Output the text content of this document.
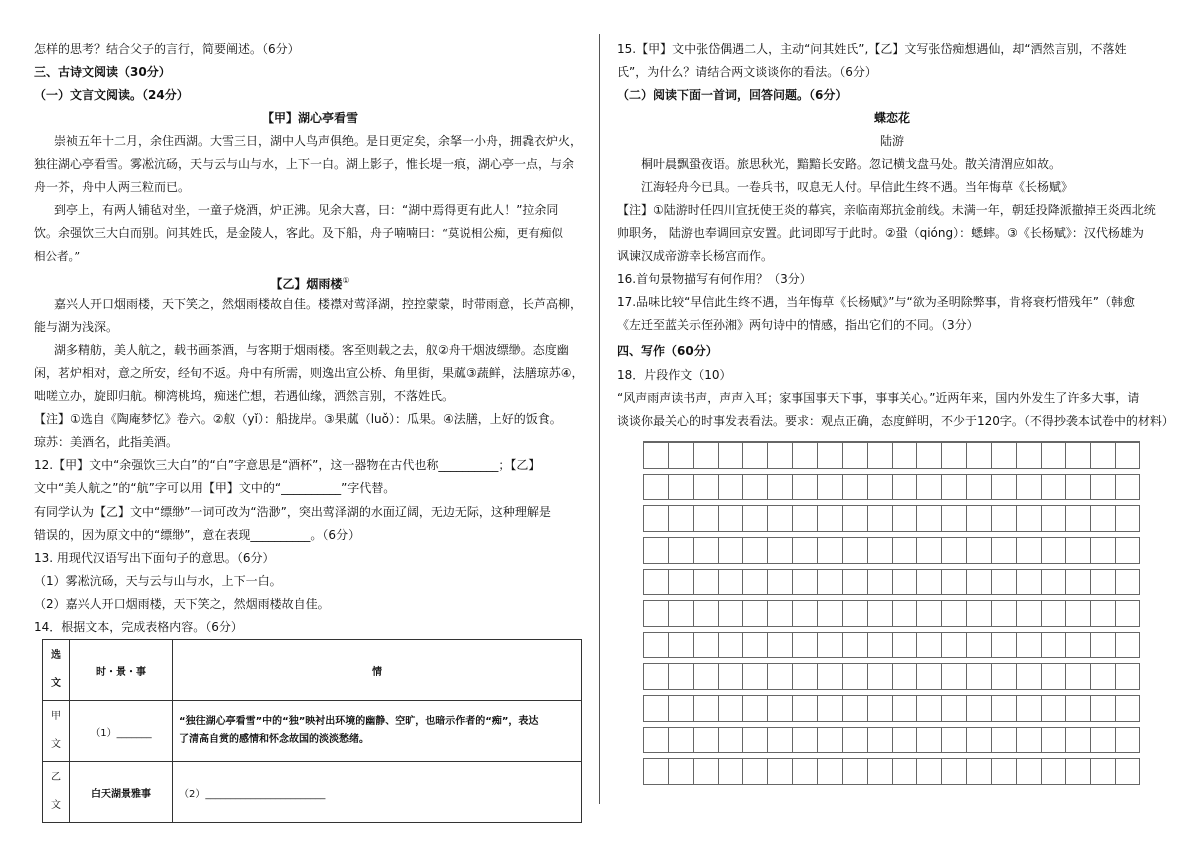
怎样的思考？结合父子的言行，简要阐述。（6分）
三、古诗文阅读（30分）
（一）文言文阅读。（24分）
【甲】湖心亭看雪
崇祯五年十二月，余住西湖。大雪三日，湖中人鸟声俱绝。是日更定矣，余拏一小舟，拥毳衣炉火，
独往湖心亭看雪。雾凇沆砀，天与云与山与水，上下一白。湖上影子，惟长堤一痕，湖心亭一点，与余
舟一芥，舟中人两三粒而已。
到亭上，有两人铺毡对坐，一童子烧酒，炉正沸。见余大喜，曰：“湖中焉得更有此人！”拉余同
饮。余强饮三大白而别。问其姓氏，是金陵人，客此。及下船，舟子喃喃曰：“莫说相公痴，更有痴似
相公者。”
【乙】烟雨楼①
嘉兴人开口烟雨楼，天下笑之，然烟雨楼故自佳。楼襟对莺泽湖，控控蒙蒙，时带雨意，长芦高柳，
能与湖为浅深。
湖多精舫，美人航之，载书画茶酒，与客期于烟雨楼。客至则载之去，舣②舟干烟波缥缈。态度幽
闲，茗炉相对，意之所安，经旬不返。舟中有所需，则逸出宣公桥、角里街，果蓏③蔬鲜，法膳琼苏④，
咄嗟立办，旋即归航。柳湾桃坞，痴迷伫想，若遇仙缘，洒然言别，不落姓氏。
【注】①选自《陶庵梦忆》卷六。②舣（yǐ）：船拢岸。③果蓏（luǒ）：瓜果。④法膳，上好的饭食。
琼苏：美酒名，此指美酒。
12.【甲】文中“余强饮三大白”的“白”字意思是“酒杯”，这一器物在古代也称__________；【乙】
文中“美人航之”的“航”字可以用【甲】文中的“__________”字代替。
有同学认为【乙】文中“缥缈”一词可改为“浩渺”，突出莺泽湖的水面辽阔，无边无际，这种理解是
错误的，因为原文中的“缥缈”，意在表现__________。（6分）
13. 用现代汉语写出下面句子的意思。（6分）
（1）雾凇沆砀，天与云与山与水，上下一白。
（2）嘉兴人开口烟雨楼，天下笑之，然烟雨楼故自佳。
14．根据文本，完成表格内容。（6分）
选文	时・景・事	情
甲文	（1）_______	“独往湖心亭看雪”中的“独”映衬出环境的幽静、空旷，也暗示作者的“痴”，表达
了清高自赏的感情和怀念故国的淡淡愁绪。

乙文	白天湖景雅事	（2）________________________
15.【甲】文中张岱偶遇二人，主动“问其姓氏”,【乙】文写张岱痴想遇仙，却“洒然言别，不落姓
氏”，为什么？请结合两文谈谈你的看法。（6分）
（二）阅读下面一首词，回答问题。（6分）
蝶恋花
陆游
桐叶晨飘蛩夜语。旅思秋光，黯黯长安路。忽记横戈盘马处。散关清渭应如故。
江海轻舟今已具。一卷兵书，叹息无人付。早信此生终不遇。当年悔草《长杨赋》
【注】①陆游时任四川宣抚使王炎的幕宾，亲临南郑抗金前线。未满一年，朝廷投降派撤掉王炎西北统
帅职务， 陆游也奉调回京安置。此词即写于此时。②蛩（qióng）：蟋蟀。③《长杨赋》：汉代杨雄为
讽谏汉成帝游幸长杨宫而作。
16.首句景物描写有何作用？（3分）
17.品味比较“早信此生终不遇，当年悔草《长杨赋》”与“欲为圣明除弊事，肯将衰朽惜残年”（韩愈
《左迁至蓝关示侄孙湘》两句诗中的情感，指出它们的不同。（3分）
四、写作（60分）
18．片段作文（10）
“风声雨声读书声，声声入耳；家事国事天下事，事事关心。”近两年来，国内外发生了许多大事，请
谈谈你最关心的时事发表看法。要求：观点正确，态度鲜明，不少于120字。（不得抄袭本试卷中的材料）
